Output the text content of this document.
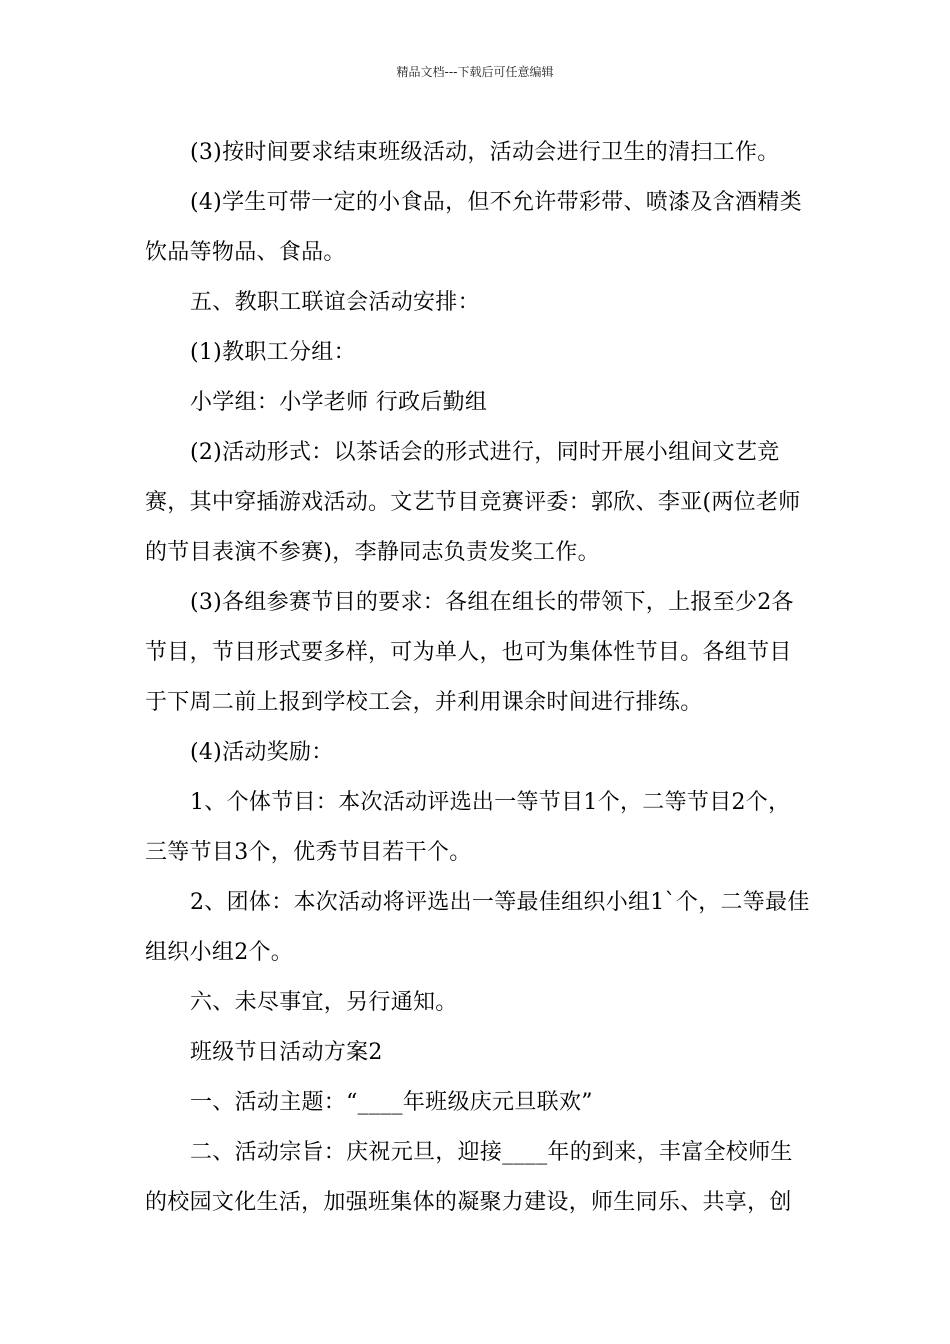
精品文档---下载后可任意编辑

(3)按时间要求结束班级活动，活动会进行卫生的清扫工作。

(4)学生可带一定的小食品，但不允许带彩带、喷漆及含酒精类饮品等物品、食品。

五、教职工联谊会活动安排：

(1)教职工分组：

小学组：小学老师 行政后勤组

(2)活动形式：以茶话会的形式进行，同时开展小组间文艺竞赛，其中穿插游戏活动。文艺节目竞赛评委：郭欣、李亚(两位老师的节目表演不参赛)，李静同志负责发奖工作。

(3)各组参赛节目的要求：各组在组长的带领下，上报至少2各节目，节目形式要多样，可为单人，也可为集体性节目。各组节目于下周二前上报到学校工会，并利用课余时间进行排练。

(4)活动奖励：

1、个体节目：本次活动评选出一等节目1个，二等节目2个，三等节目3个，优秀节目若干个。

2、团体：本次活动将评选出一等最佳组织小组1`个，二等最佳组织小组2个。

六、未尽事宜，另行通知。

班级节日活动方案2

一、活动主题：“____年班级庆元旦联欢”

二、活动宗旨：庆祝元旦，迎接____年的到来，丰富全校师生的校园文化生活，加强班集体的凝聚力建设，师生同乐、共享，创
